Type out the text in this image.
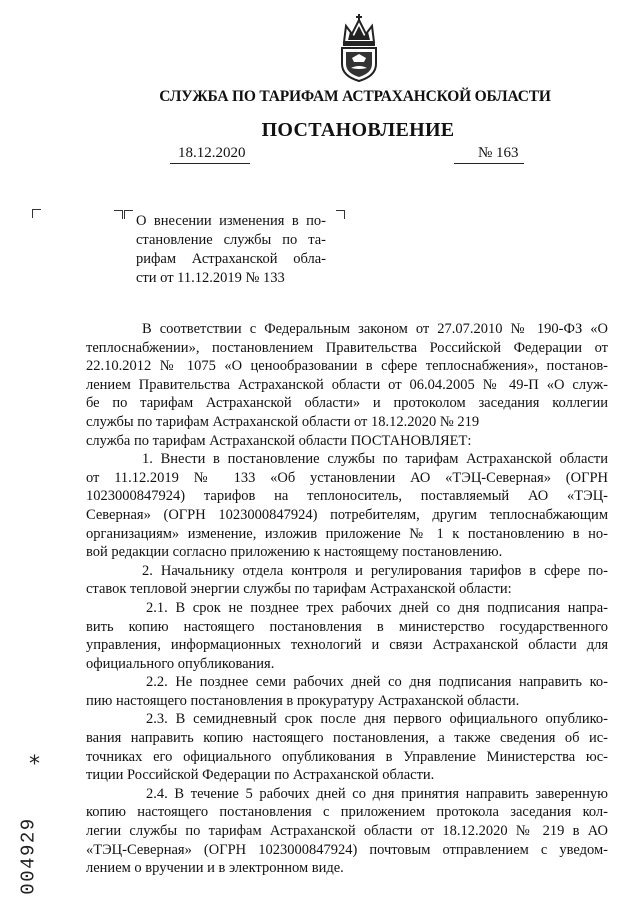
СЛУЖБА ПО ТАРИФАМ АСТРАХАНСКОЙ ОБЛАСТИ
ПОСТАНОВЛЕНИЕ
18.12.2020	№ 163
О внесении изменения в по-
становление службы по та-
рифам Астраханской обла-
сти от 11.12.2019 № 133
В соответствии с Федеральным законом от 27.07.2010 № 190-ФЗ «О
теплоснабжении», постановлением Правительства Российской Федерации от
22.10.2012 № 1075 «О ценообразовании в сфере теплоснабжения», постанов-
лением Правительства Астраханской области от 06.04.2005 № 49-П «О служ-
бе по тарифам Астраханской области» и протоколом заседания коллегии
службы по тарифам Астраханской области от 18.12.2020 № 219
служба по тарифам Астраханской области ПОСТАНОВЛЯЕТ:
1. Внести в постановление службы по тарифам Астраханской области
от 11.12.2019 № 133 «Об установлении АО «ТЭЦ-Северная» (ОГРН
1023000847924) тарифов на теплоноситель, поставляемый АО «ТЭЦ-
Северная» (ОГРН 1023000847924) потребителям, другим теплоснабжающим
организациям» изменение, изложив приложение № 1 к постановлению в но-
вой редакции согласно приложению к настоящему постановлению.
2. Начальнику отдела контроля и регулирования тарифов в сфере по-
ставок тепловой энергии службы по тарифам Астраханской области:
2.1. В срок не позднее трех рабочих дней со дня подписания напра-
вить копию настоящего постановления в министерство государственного
управления, информационных технологий и связи Астраханской области для
официального опубликования.
2.2. Не позднее семи рабочих дней со дня подписания направить ко-
пию настоящего постановления в прокуратуру Астраханской области.
2.3. В семидневный срок после дня первого официального опублико-
вания направить копию настоящего постановления, а также сведения об ис-
точниках его официального опубликования в Управление Министерства юс-
тиции Российской Федерации по Астраханской области.
2.4. В течение 5 рабочих дней со дня принятия направить заверенную
копию настоящего постановления с приложением протокола заседания кол-
легии службы по тарифам Астраханской области от 18.12.2020 № 219 в АО
«ТЭЦ-Северная» (ОГРН 1023000847924) почтовым отправлением с уведом-
лением о вручении и в электронном виде.
*
004929
